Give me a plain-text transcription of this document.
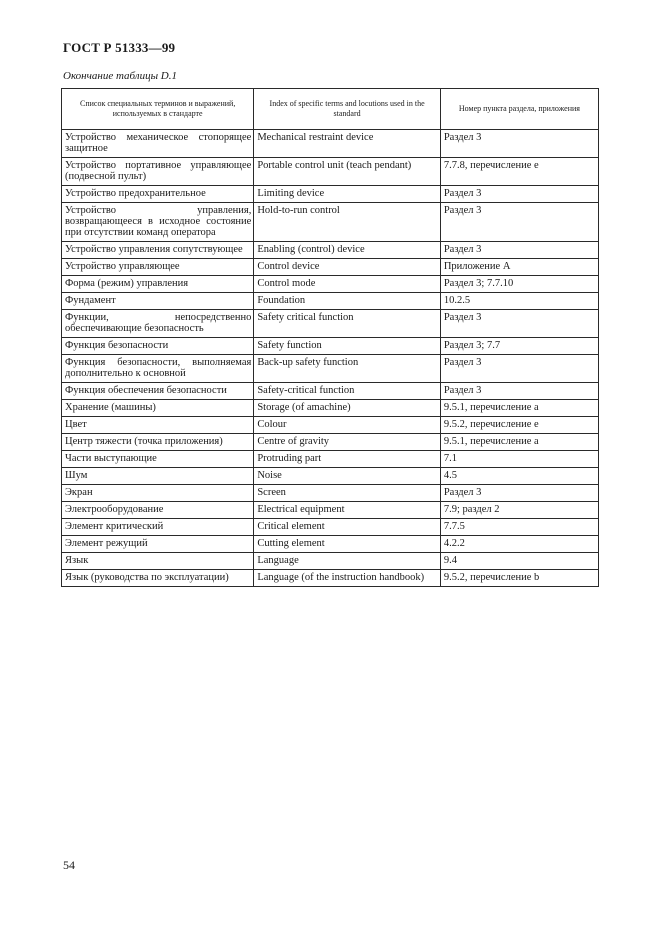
ГОСТ Р 51333—99
Окончание таблицы D.1
Список специальных терминов и выражений, используемых в стандарте	Index of specific terms and locutions used in the standard	Номер пункта раздела, приложения
Устройство механическое стопорящее защитное	Mechanical restraint device	Раздел 3
Устройство портативное управляющее (подвесной пульт)	Portable control unit (teach pendant)	7.7.8, перечисление е
Устройство предохранительное	Limiting device	Раздел 3
Устройство управления, возвращающееся в исходное состояние при отсутствии команд оператора	Hold-to-run control	Раздел 3
Устройство управления сопутствующее	Enabling (control) device	Раздел 3
Устройство управляющее	Control device	Приложение А
Форма (режим) управления	Control mode	Раздел 3; 7.7.10
Фундамент	Foundation	10.2.5
Функции, непосредственно обеспечивающие безопасность	Safety critical function	Раздел 3
Функция безопасности	Safety function	Раздел 3; 7.7
Функция безопасности, выполняемая дополнительно к основной	Back-up safety function	Раздел 3
Функция обеспечения безопасности	Safety-critical function	Раздел 3
Хранение (машины)	Storage (of amachine)	9.5.1, перечисление а
Цвет	Colour	9.5.2, перечисление е
Центр тяжести (точка приложения)	Centre of gravity	9.5.1, перечисление а
Части выступающие	Protruding part	7.1
Шум	Noise	4.5
Экран	Screen	Раздел 3
Электрооборудование	Electrical equipment	7.9; раздел 2
Элемент критический	Critical element	7.7.5
Элемент режущий	Cutting element	4.2.2
Язык	Language	9.4
Язык (руководства по эксплуатации)	Language (of the instruction handbook)	9.5.2, перечисление b
54
